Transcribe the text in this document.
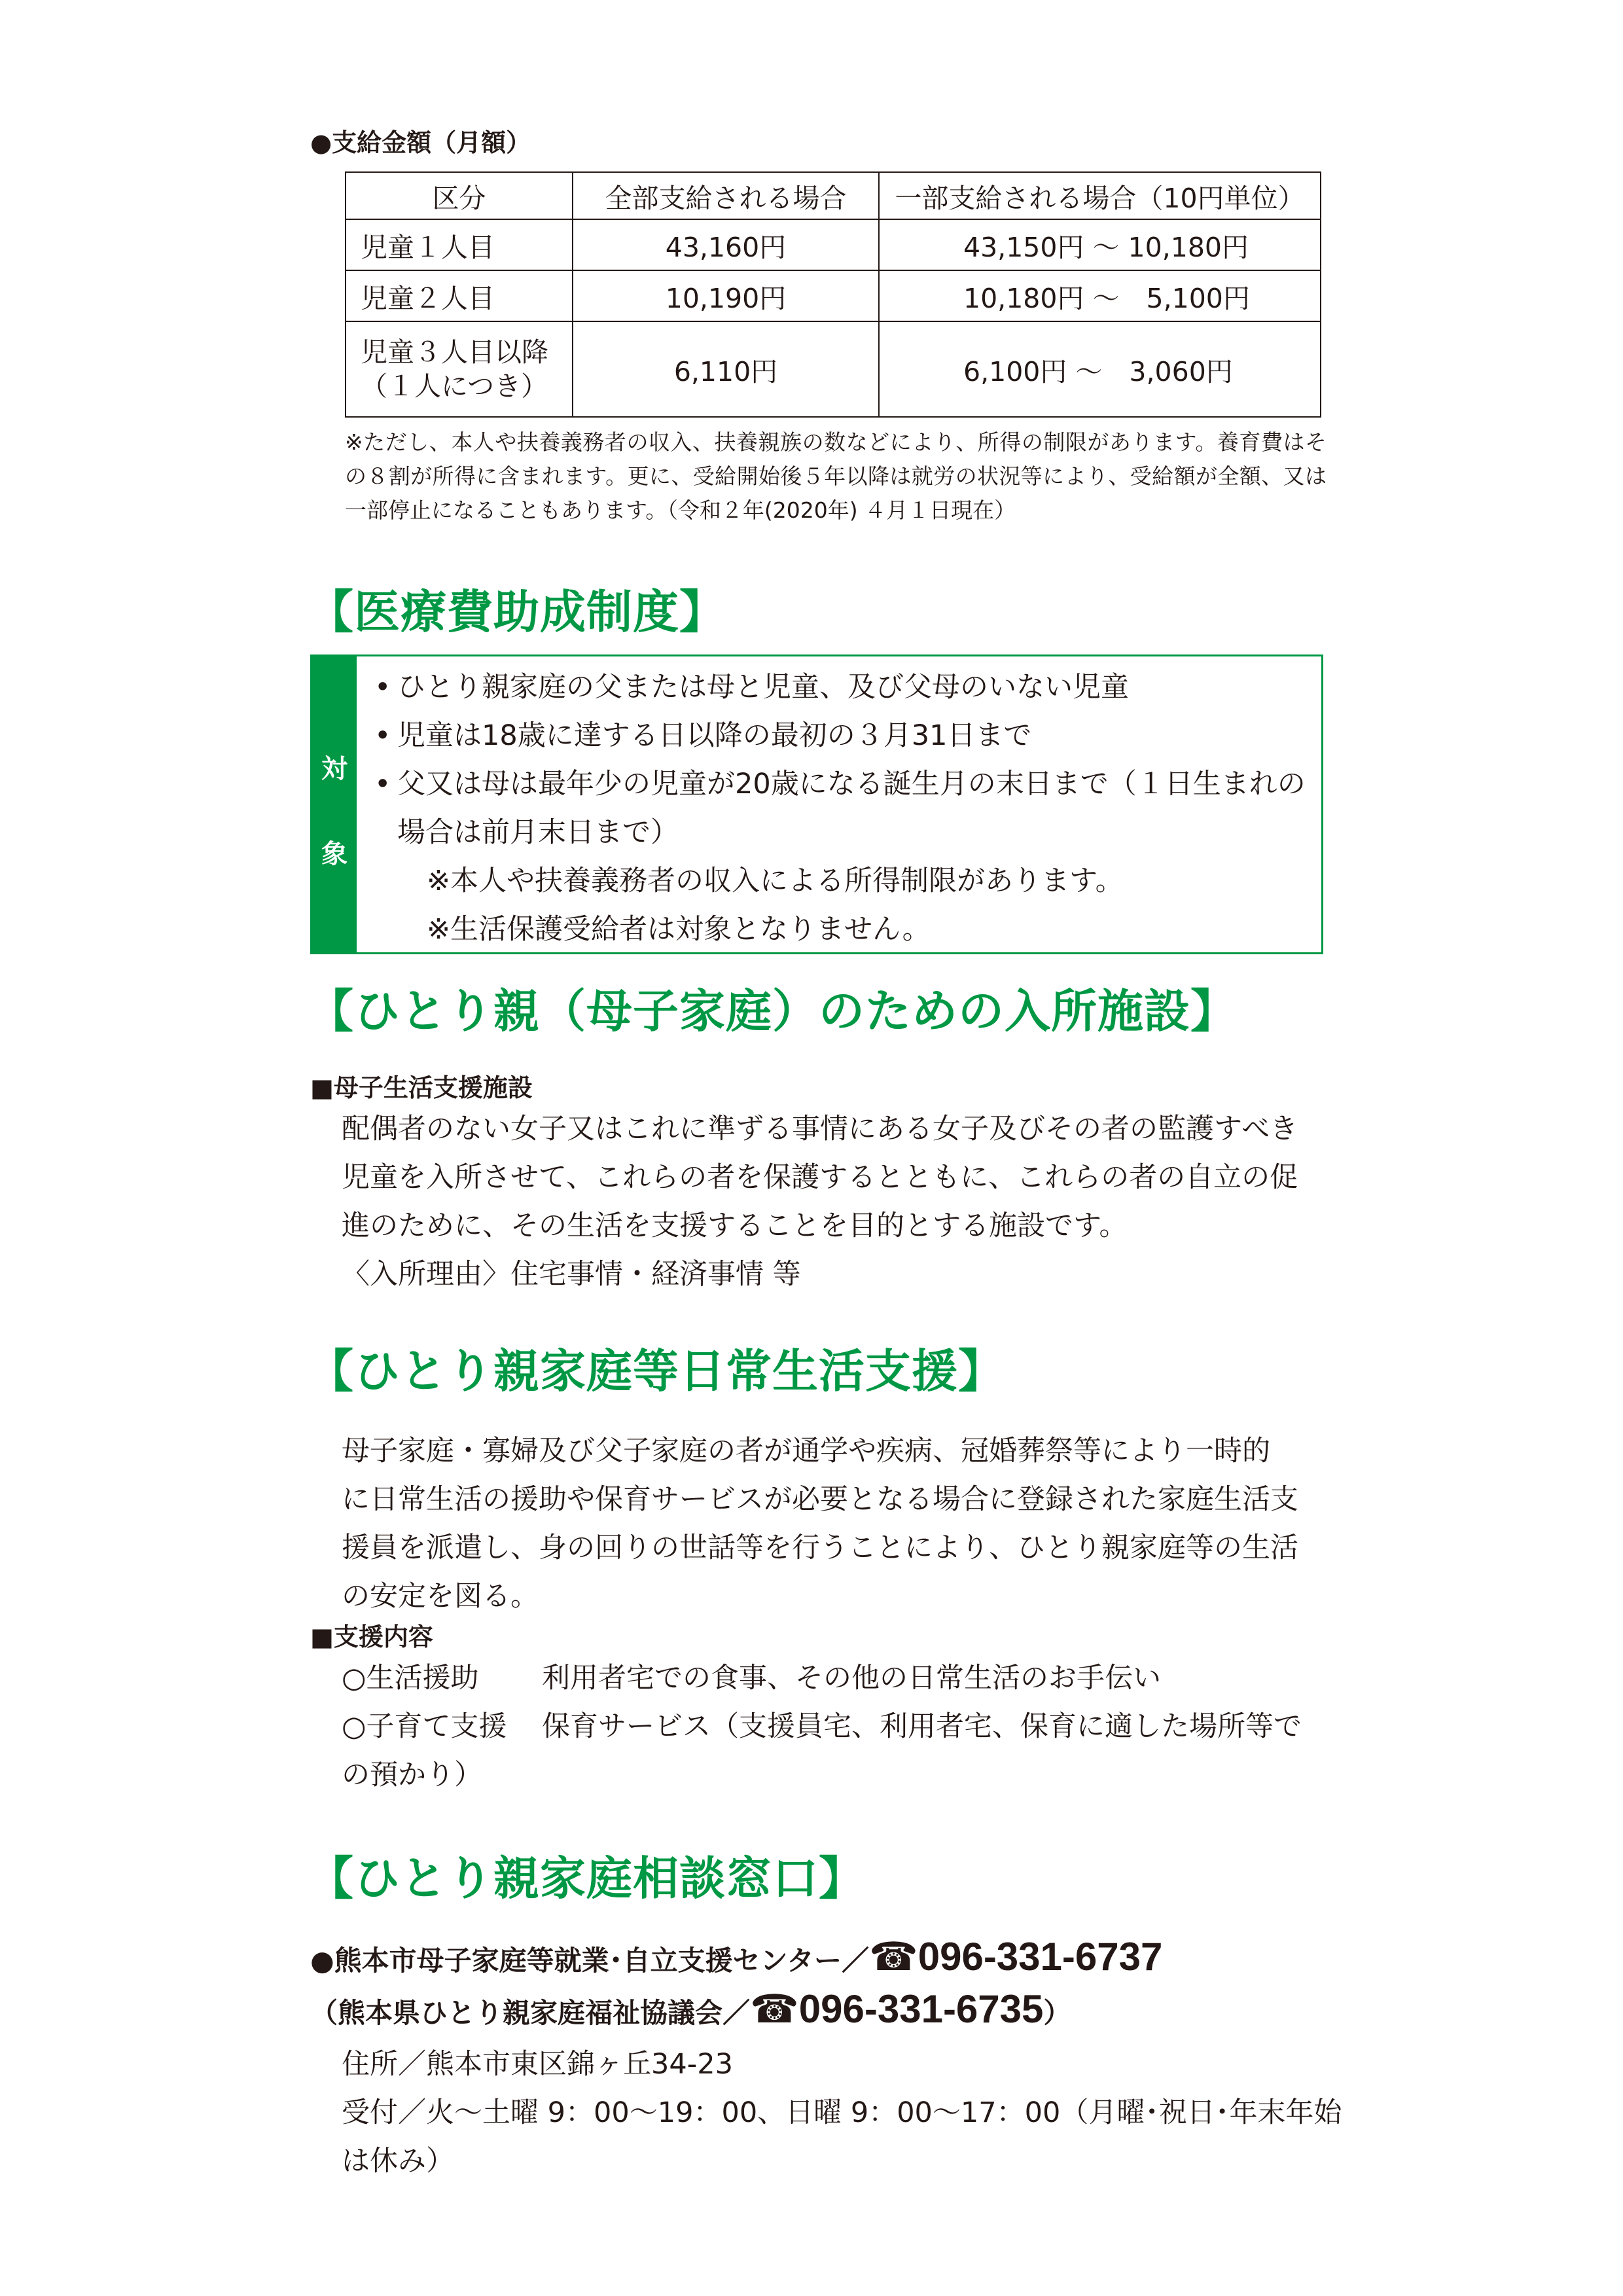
●支給金額（月額）
区分	全部支給される場合	一部支給される場合（10円単位）
児童１人目	43,160円	43,150円 ～ 10,180円
児童２人目	10,190円	10,180円 ～　5,100円

児童３人目以降
（１人につき）	6,110円	6,100円 ～　3,060円
※ただし、本人や扶養義務者の収入、扶養親族の数などにより、所得の制限があります。養育費はその８割が所得に含まれます。更に、受給開始後５年以降は就労の状況等により、受給額が全額、又は一部停止になることもあります。（令和２年(2020年) ４月１日現在）
【医療費助成制度】
対
象
• ひとり親家庭の父または母と児童、及び父母のいない児童
• 児童は18歳に達する日以降の最初の３月31日まで
• 父又は母は最年少の児童が20歳になる誕生月の末日まで（１日生まれの
場合は前月末日まで）
※本人や扶養義務者の収入による所得制限があります。
※生活保護受給者は対象となりません。
【ひとり親（母子家庭）のための入所施設】
■母子生活支援施設
配偶者のない女子又はこれに準ずる事情にある女子及びその者の監護すべき
児童を入所させて、これらの者を保護するとともに、これらの者の自立の促
進のために、その生活を支援することを目的とする施設です。
〈入所理由〉住宅事情・経済事情 等
【ひとり親家庭等日常生活支援】
母子家庭・寡婦及び父子家庭の者が通学や疾病、冠婚葬祭等により一時的
に日常生活の援助や保育サービスが必要となる場合に登録された家庭生活支
援員を派遣し、身の回りの世話等を行うことにより、ひとり親家庭等の生活
の安定を図る。
■支援内容
○生活援助 利用者宅での食事、その他の日常生活のお手伝い
○子育て支援 保育サービス（支援員宅、利用者宅、保育に適した場所等で
の預かり）
【ひとり親家庭相談窓口】
●熊本市母子家庭等就業･自立支援センター／☎096-331-6737
（熊本県ひとり親家庭福祉協議会／☎096-331-6735）
住所／熊本市東区錦ヶ丘34-23
受付／火～土曜 9：00～19：00、日曜 9：00～17：00（月曜･祝日･年末年始
は休み）
